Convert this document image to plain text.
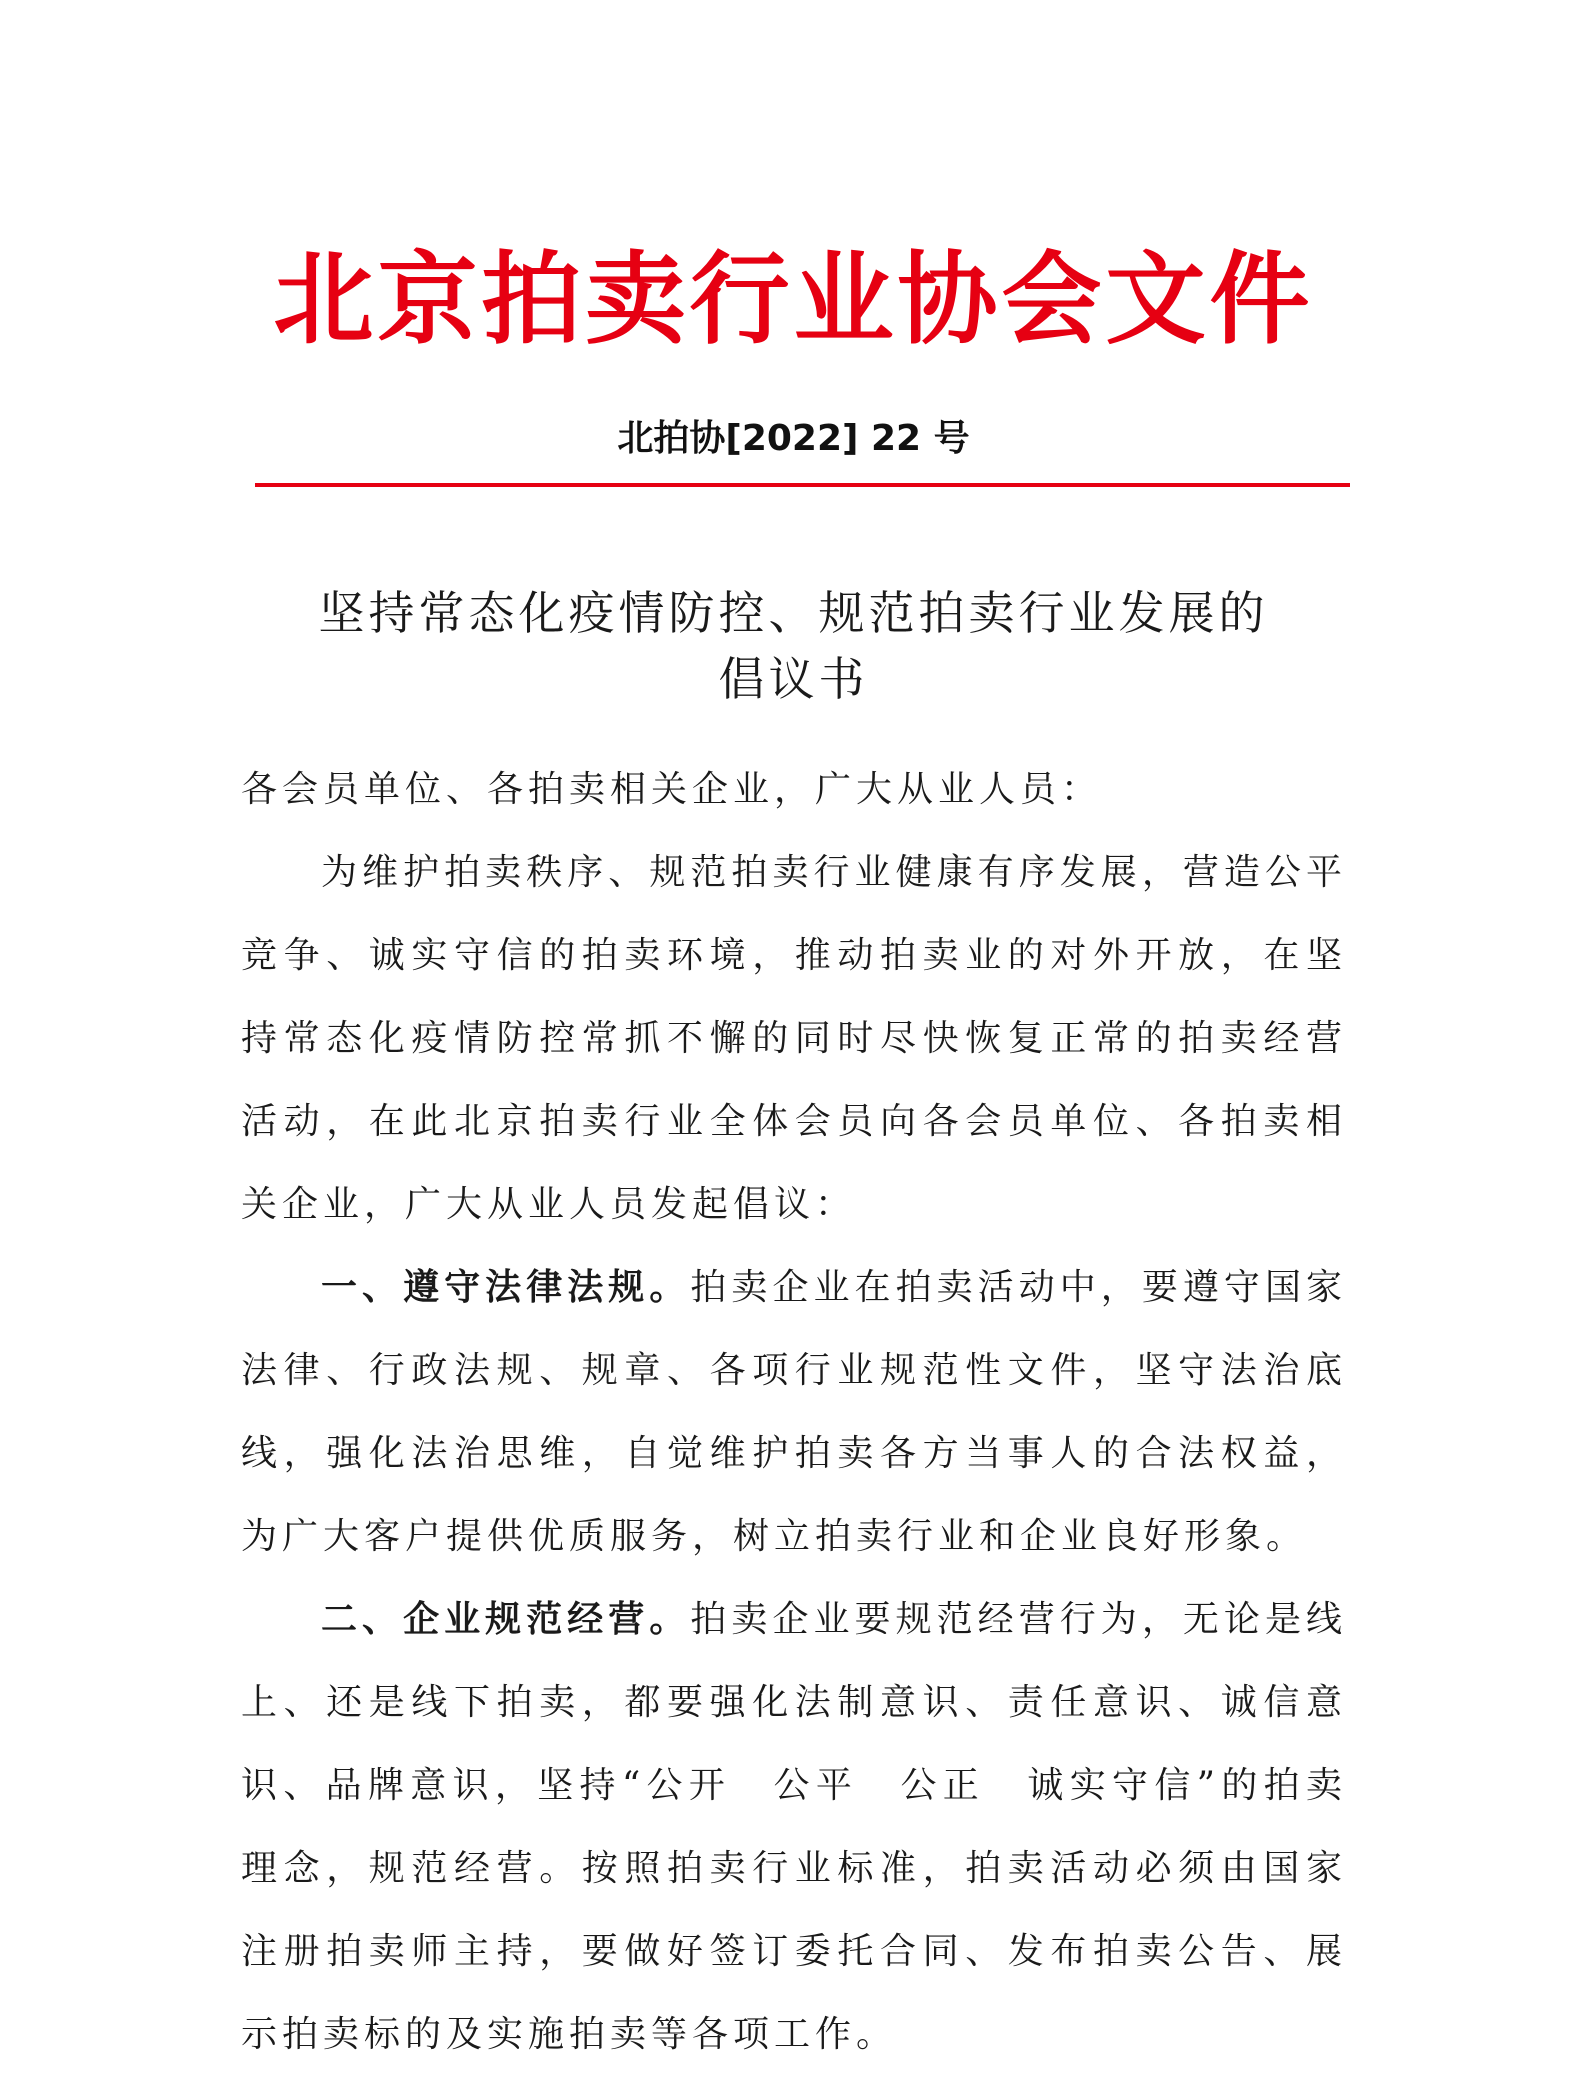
北京拍卖行业协会文件
北拍协[2022] 22 号
坚持常态化疫情防控、规范拍卖行业发展的
倡议书
各会员单位、各拍卖相关企业，广大从业人员：

为维护拍卖秩序、规范拍卖行业健康有序发展，营造公平竞争、诚实守信的拍卖环境，推动拍卖业的对外开放，在坚持常态化疫情防控常抓不懈的同时尽快恢复正常的拍卖经营活动，在此北京拍卖行业全体会员向各会员单位、各拍卖相关企业，广大从业人员发起倡议：

一、遵守法律法规。拍卖企业在拍卖活动中，要遵守国家法律、行政法规、规章、各项行业规范性文件，坚守法治底线，强化法治思维，自觉维护拍卖各方当事人的合法权益，为广大客户提供优质服务，树立拍卖行业和企业良好形象。

二、企业规范经营。拍卖企业要规范经营行为，无论是线上、还是线下拍卖，都要强化法制意识、责任意识、诚信意识、品牌意识，坚持“公开　公平　公正　诚实守信”的拍卖理念，规范经营。按照拍卖行业标准，拍卖活动必须由国家注册拍卖师主持，要做好签订委托合同、发布拍卖公告、展示拍卖标的及实施拍卖等各项工作。
